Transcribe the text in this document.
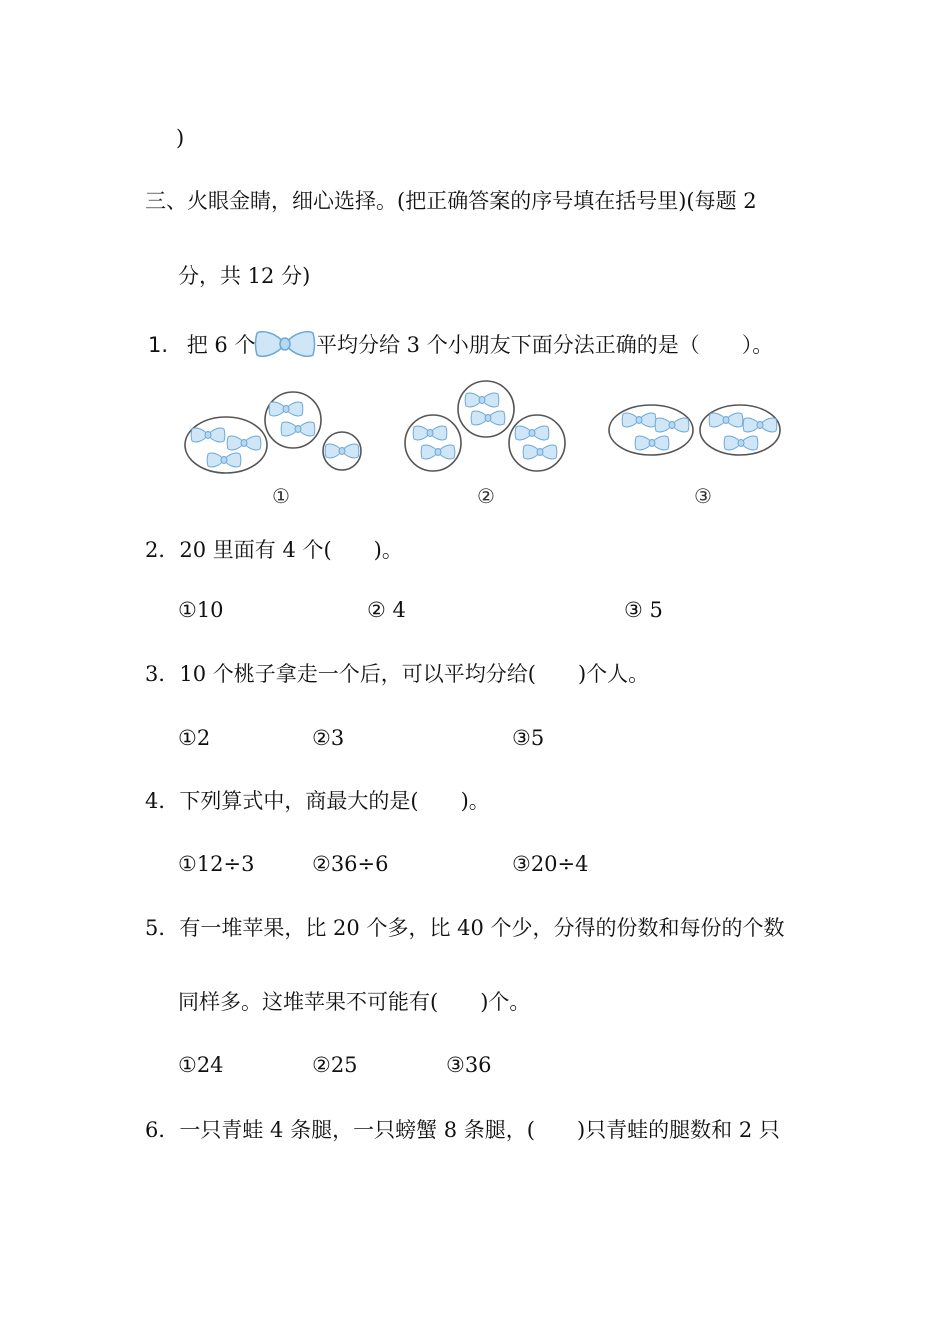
)
三、火眼金睛，细心选择。(把正确答案的序号填在括号里)(每题 2
分，共 12 分)
1. 把 6 个	平均分给 3 个小朋友下面分法正确的是（　　）。
①	②	③
2．20 里面有 4 个(　　)。
①10	② 4	③ 5
3．10 个桃子拿走一个后，可以平均分给(　　)个人。
①2	②3	③5
4．下列算式中，商最大的是(　　)。
①12÷3	②36÷6	③20÷4
5．有一堆苹果，比 20 个多，比 40 个少，分得的份数和每份的个数
同样多。这堆苹果不可能有(　　)个。
①24	②25	③36
6．一只青蛙 4 条腿，一只螃蟹 8 条腿，(　　)只青蛙的腿数和 2 只
